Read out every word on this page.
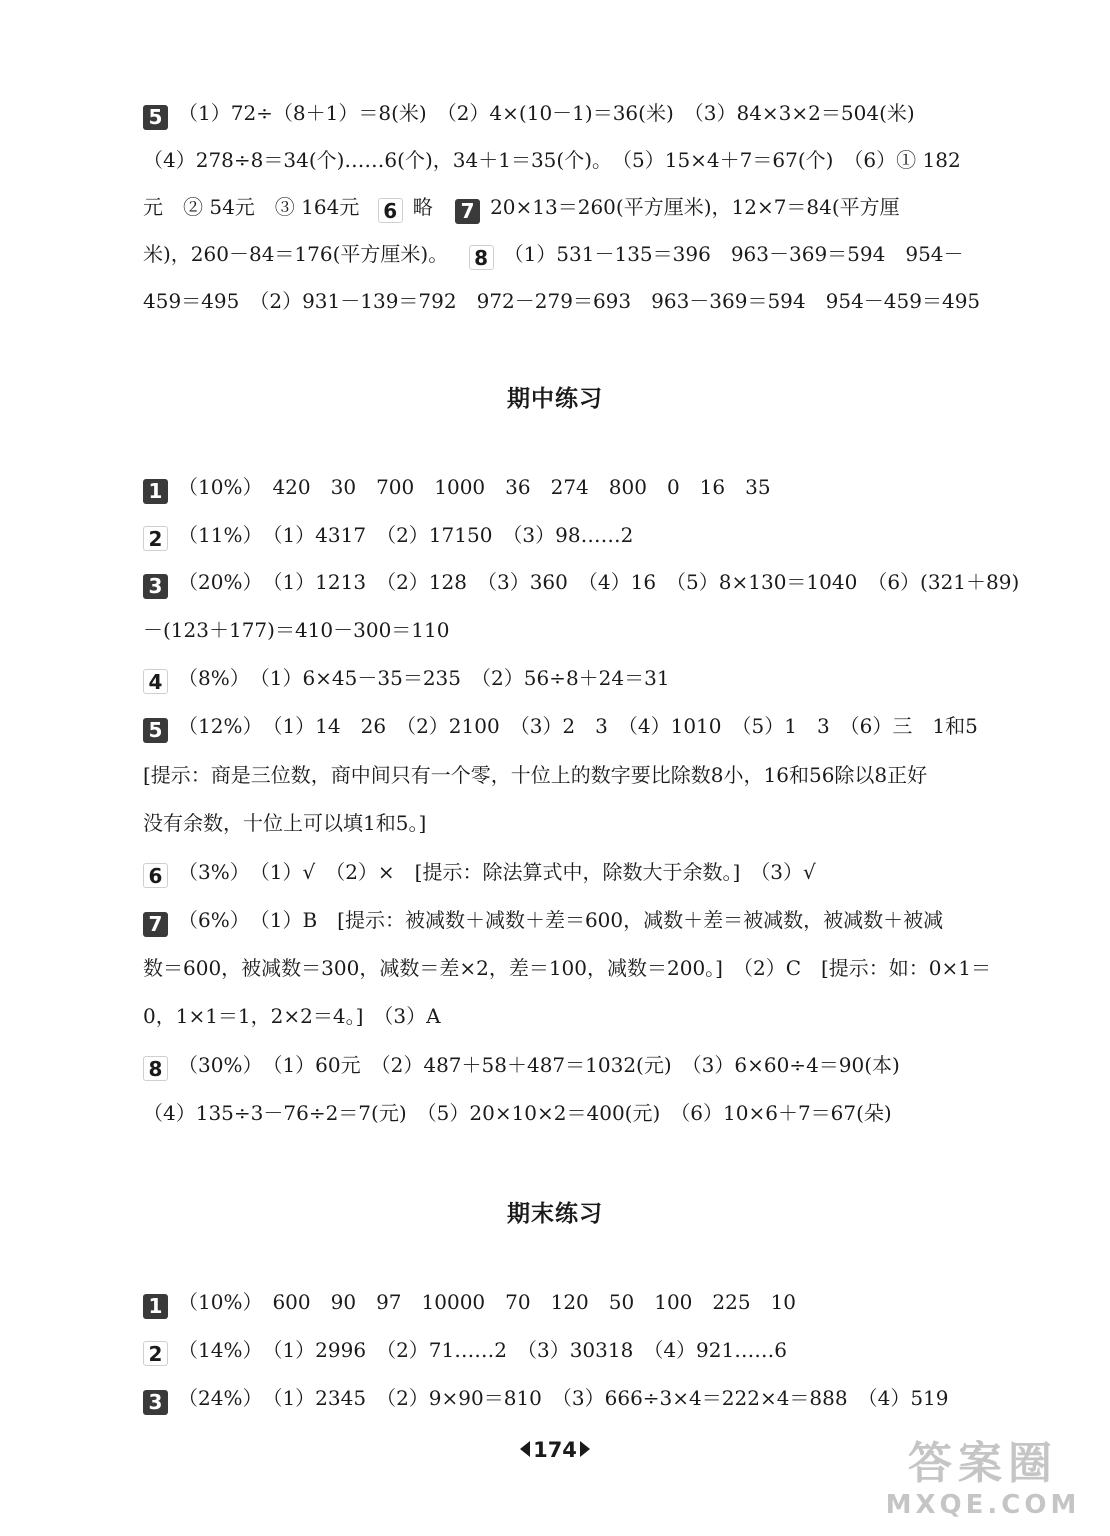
5 （1）72÷（8＋1）＝8(米)　（2）4×(10－1)＝36(米)　（3）84×3×2＝504(米)
（4）278÷8＝34(个)……6(个)，34＋1＝35(个)。　（5）15×4＋7＝67(个)　（6）① 182
元　② 54元　③ 164元 6 略 7 20×13＝260(平方厘米)，12×7＝84(平方厘
米)，260－84＝176(平方厘米)。 8 （1）531－135＝396　963－369＝594　954－
459＝495　（2）931－139＝792　972－279＝693　963－369＝594　954－459＝495
期中练习
1 （10%）　420　30　700　1000　36　274　800　0　16　35
2 （11%）　（1）4317　（2）17150　（3）98……2
3 （20%）　（1）1213　（2）128　（3）360　（4）16　（5）8×130＝1040　（6）(321＋89)
－(123＋177)＝410－300＝110
4 （8%）　（1）6×45－35＝235　（2）56÷8＋24＝31
5 （12%）　（1）14　26　（2）2100　（3）2　3　（4）1010　（5）1　3　（6）三　1和5
[提示：商是三位数，商中间只有一个零，十位上的数字要比除数8小，16和56除以8正好
没有余数，十位上可以填1和5。]
6 （3%）　（1）√　（2）×　[提示：除法算式中，除数大于余数。]　（3）√
7 （6%）　（1）B　[提示：被减数＋减数＋差＝600，减数＋差＝被减数，被减数＋被减
数＝600，被减数＝300，减数＝差×2，差＝100，减数＝200。]　（2）C　[提示：如：0×1＝
0，1×1＝1，2×2＝4。]　（3）A
8 （30%）　（1）60元　（2）487＋58＋487＝1032(元)　（3）6×60÷4＝90(本)
（4）135÷3－76÷2＝7(元)　（5）20×10×2＝400(元)　（6）10×6＋7＝67(朵)
期末练习
1 （10%）　600　90　97　10000　70　120　50　100　225　10
2 （14%）　（1）2996　（2）71……2　（3）30318　（4）921……6
3 （24%）　（1）2345　（2）9×90＝810　（3）666÷3×4＝222×4＝888　（4）519
174	答案圈
MXQE.COM
